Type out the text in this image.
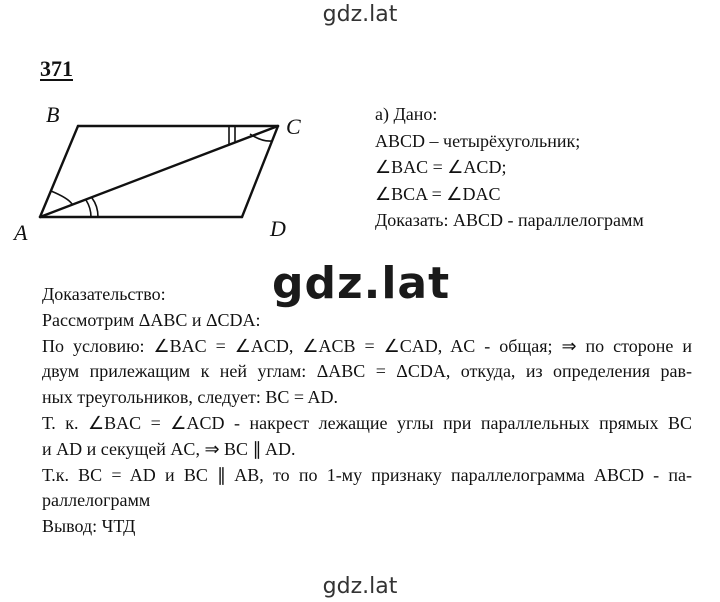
gdz.lat
371
B	C
A	D
а) Дано:
ABCD – четырёхугольник;
∠BAC = ∠ACD;
∠BCA = ∠DAC
Доказать: ABCD - параллелограмм
Доказательство:
Рассмотрим ΔABC и ΔCDA:
По условию: ∠BAC = ∠ACD, ∠ACB = ∠CAD, AC - общая; ⇒ по стороне и
двум прилежащим к ней углам: ΔABC = ΔCDA, откуда, из определения рав-
ных треугольников, следует: BC = AD.
Т. к. ∠BAC = ∠ACD - накрест лежащие углы при параллельных прямых BC
и AD и секущей AC, ⇒ BC ∥ AD.
Т.к. BC = AD и BC ∥ AB, то по 1-му признаку параллелограмма ABCD - па-
раллелограмм
Вывод: ЧТД
gdz.lat
gdz.lat
